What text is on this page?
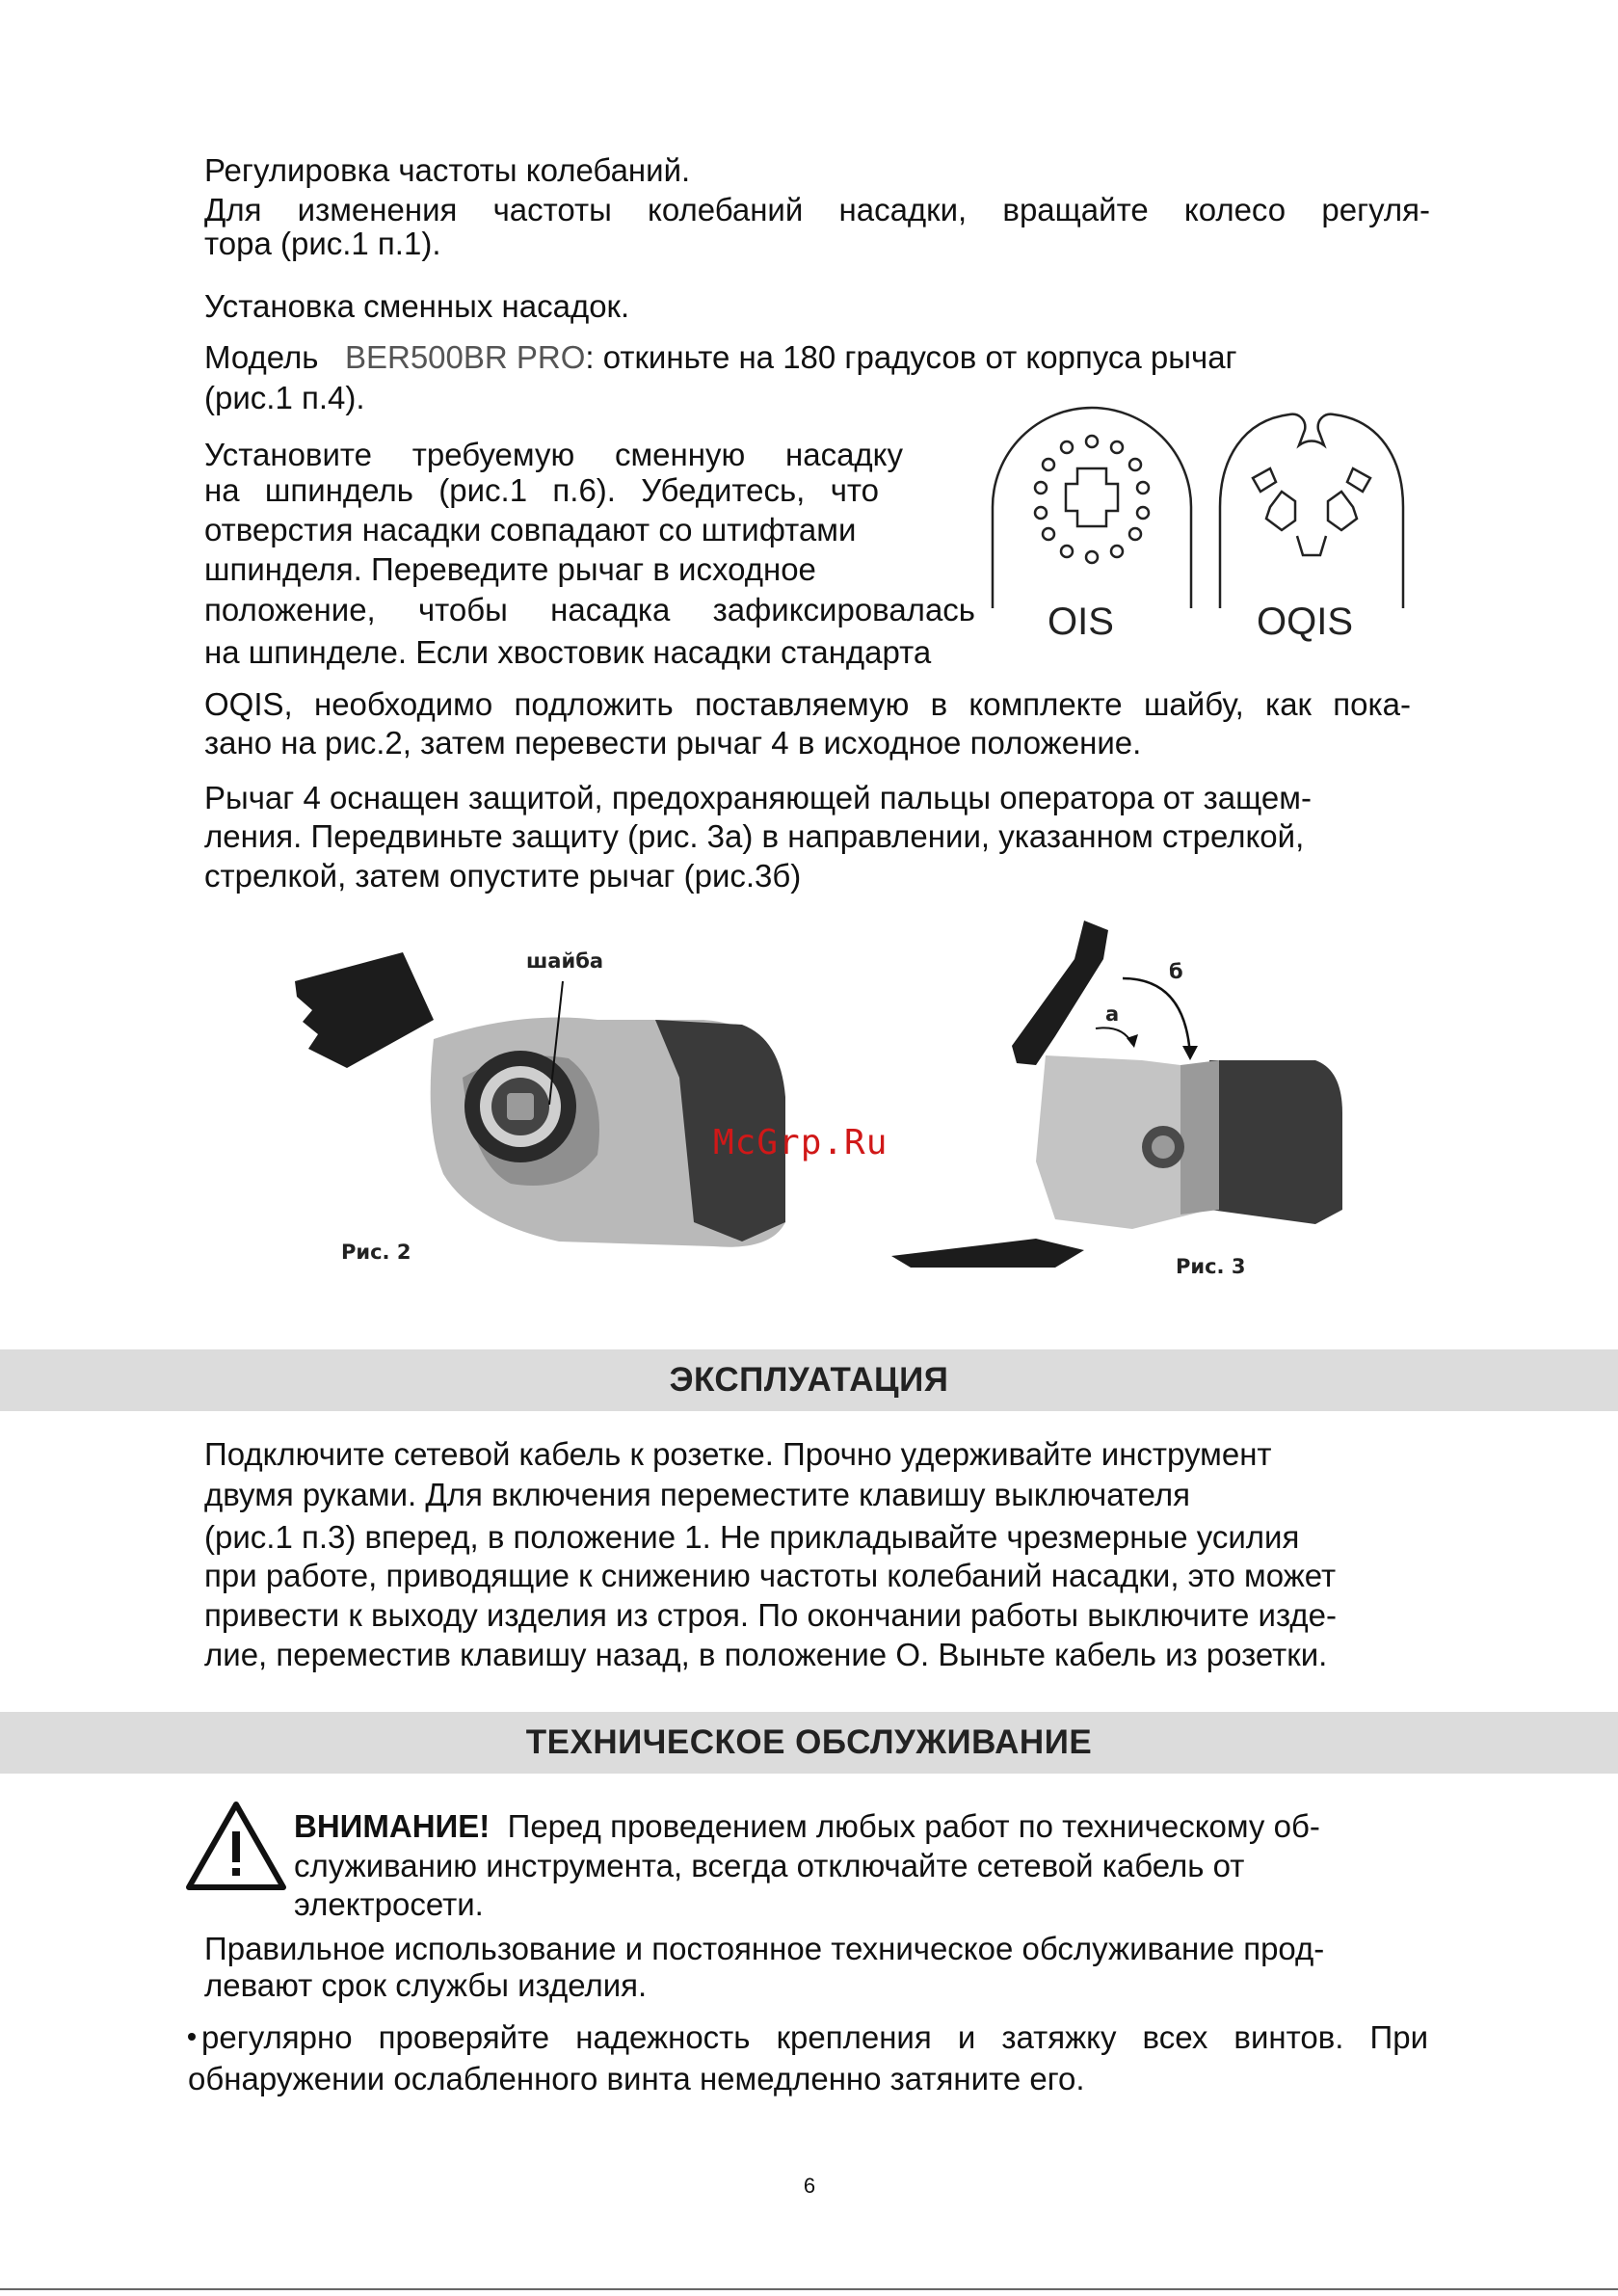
Регулировка частоты колебаний.

Для изменения частоты колебаний насадки, вращайте колесо регуля-

тора (рис.1 п.1).

Установка сменных насадок.

Модель BER500BR PRO: откиньте на 180 градусов от корпуса рычаг

(рис.1 п.4).

Установите требуемую сменную насадку

на шпиндель (рис.1 п.6). Убедитесь, что

отверстия насадки совпадают со штифтами

шпинделя. Переведите рычаг в исходное

положение, чтобы насадка зафиксировалась

на шпинделе. Если хвостовик насадки стандарта

OIS	OQIS

OQIS, необходимо подложить поставляемую в комплекте шайбу, как пока-

зано на рис.2, затем перевести рычаг 4 в исходное положение.

Рычаг 4 оснащен защитой, предохраняющей пальцы оператора от защем-

ления. Передвиньте защиту (рис. 3а) в направлении, указанном стрелкой,

стрелкой, затем опустите рычаг (рис.3б)

шайба
Рис. 2
а
б
Рис. 3
McGrp.Ru
ЭКСПЛУАТАЦИЯ

Подключите сетевой кабель к розетке. Прочно удерживайте инструмент

двумя руками. Для включения переместите клавишу выключателя

(рис.1 п.3) вперед, в положение 1. Не прикладывайте чрезмерные усилия

при работе, приводящие к снижению частоты колебаний насадки, это может

привести к выходу изделия из строя. По окончании работы выключите изде-

лие, переместив клавишу назад, в положение О. Выньте кабель из розетки.

ТЕХНИЧЕСКОЕ ОБСЛУЖИВАНИЕ

ВНИМАНИЕ! Перед проведением любых работ по техническому об-

служиванию инструмента, всегда отключайте сетевой кабель от

электросети.

Правильное использование и постоянное техническое обслуживание прод-

левают срок службы изделия.

регулярно проверяйте надежность крепления и затяжку всех винтов. При

обнаружении ослабленного винта немедленно затяните его.

6
